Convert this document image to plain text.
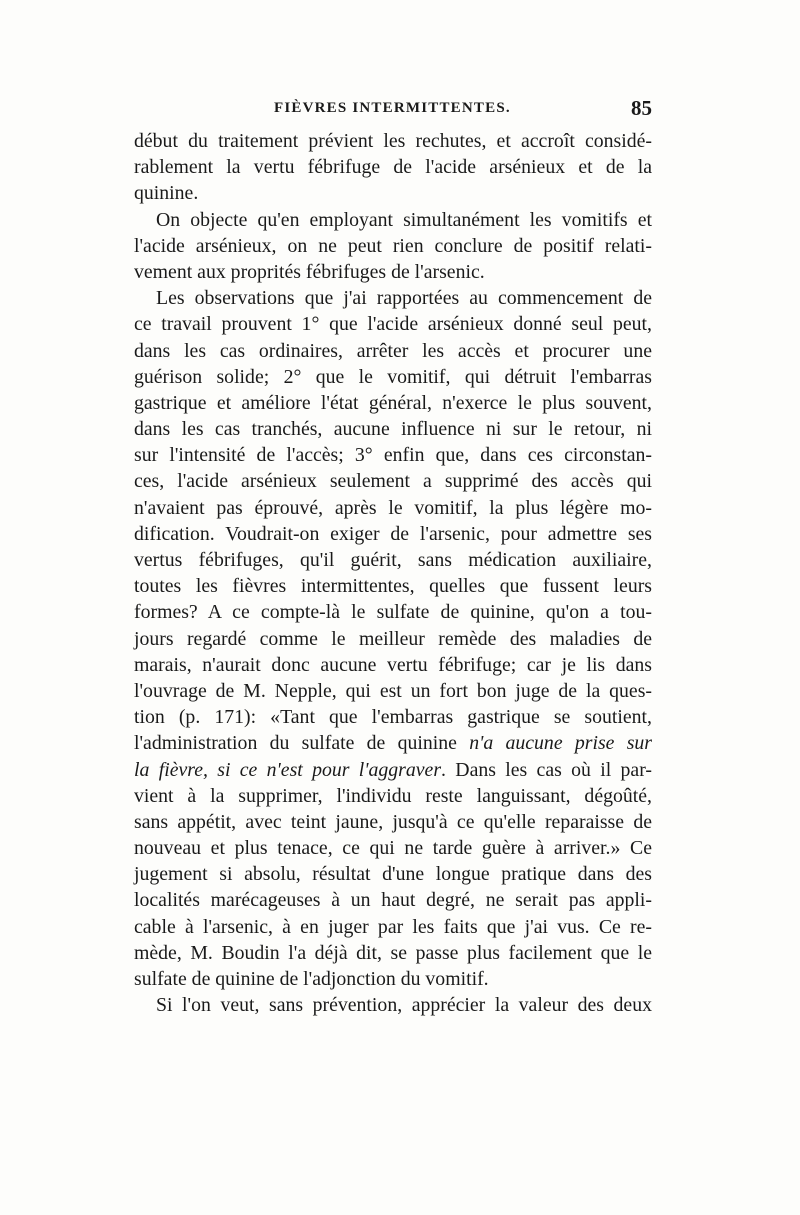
FIÈVRES INTERMITTENTES.	85
début du traitement prévient les rechutes, et accroît considé-
rablement la vertu fébrifuge de l'acide arsénieux et de la
quinine.
On objecte qu'en employant simultanément les vomitifs et
l'acide arsénieux, on ne peut rien conclure de positif relati-
vement aux proprités fébrifuges de l'arsenic.
Les observations que j'ai rapportées au commencement de
ce travail prouvent 1° que l'acide arsénieux donné seul peut,
dans les cas ordinaires, arrêter les accès et procurer une
guérison solide; 2° que le vomitif, qui détruit l'embarras
gastrique et améliore l'état général, n'exerce le plus souvent,
dans les cas tranchés, aucune influence ni sur le retour, ni
sur l'intensité de l'accès; 3° enfin que, dans ces circonstan-
ces, l'acide arsénieux seulement a supprimé des accès qui
n'avaient pas éprouvé, après le vomitif, la plus légère mo-
dification. Voudrait-on exiger de l'arsenic, pour admettre ses
vertus fébrifuges, qu'il guérit, sans médication auxiliaire,
toutes les fièvres intermittentes, quelles que fussent leurs
formes? A ce compte-là le sulfate de quinine, qu'on a tou-
jours regardé comme le meilleur remède des maladies de
marais, n'aurait donc aucune vertu fébrifuge; car je lis dans
l'ouvrage de M. Nepple, qui est un fort bon juge de la ques-
tion (p. 171): «Tant que l'embarras gastrique se soutient,
l'administration du sulfate de quinine n'a aucune prise sur
la fièvre, si ce n'est pour l'aggraver. Dans les cas où il par-
vient à la supprimer, l'individu reste languissant, dégoûté,
sans appétit, avec teint jaune, jusqu'à ce qu'elle reparaisse de
nouveau et plus tenace, ce qui ne tarde guère à arriver.» Ce
jugement si absolu, résultat d'une longue pratique dans des
localités marécageuses à un haut degré, ne serait pas appli-
cable à l'arsenic, à en juger par les faits que j'ai vus. Ce re-
mède, M. Boudin l'a déjà dit, se passe plus facilement que le
sulfate de quinine de l'adjonction du vomitif.
Si l'on veut, sans prévention, apprécier la valeur des deux
